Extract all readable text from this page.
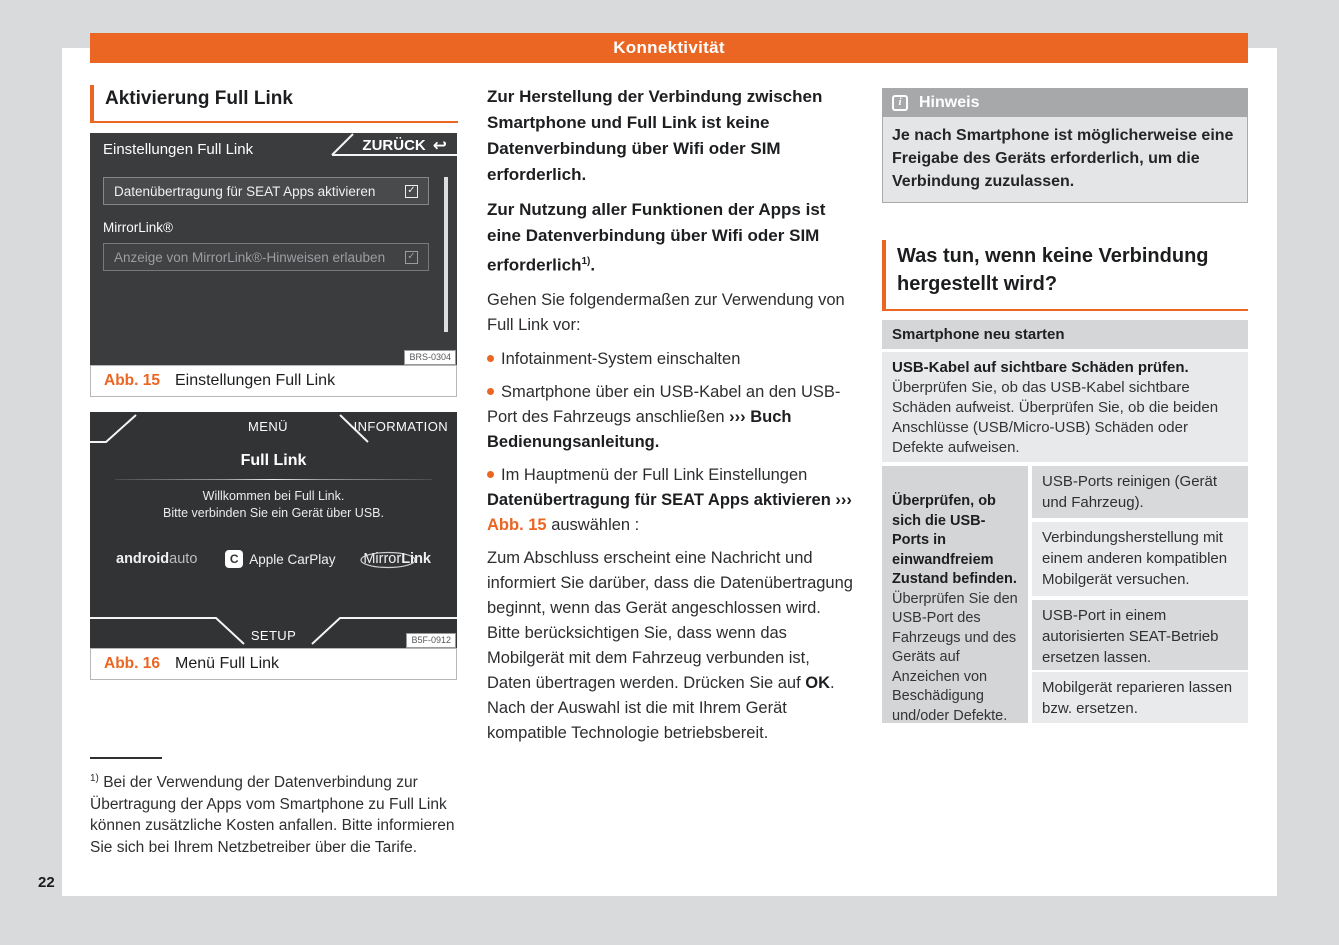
Konnektivität
Aktivierung Full Link
Einstellungen Full Link	ZURÜCK ↩
Datenübertragung für SEAT Apps aktivieren	✓
MirrorLink®
Anzeige von MirrorLink®-Hinweisen erlauben ✓
BRS-0304
Abb. 15 Einstellungen Full Link
MENÜ	INFORMATION
Full Link
Willkommen bei Full Link.
Bitte verbinden Sie ein Gerät über USB.
androidauto	C Apple CarPlay MirrorLink
SETUP	B5F-0912
Abb. 16 Menü Full Link
$^{1)}$ Bei der Verwendung der Datenverbindung zur Übertragung der Apps vom Smartphone zu Full Link können zusätzliche Kosten anfallen. Bitte informieren Sie sich bei Ihrem Netzbetreiber über die Tarife.

Zur Herstellung der Verbindung zwischen Smartphone und Full Link ist keine Datenverbindung über Wifi oder SIM erforderlich.

Zur Nutzung aller Funktionen der Apps ist eine Datenverbindung über Wifi oder SIM erforderlich$^{1)}$.

Gehen Sie folgendermaßen zur Verwendung von Full Link vor:

Infotainment-System einschalten
Smartphone über ein USB-Kabel an den USB-Port des Fahrzeugs anschließen ››› Buch Bedienungsanleitung.
Im Hauptmenü der Full Link Einstellungen Datenübertragung für SEAT Apps aktivieren ››› Abb. 15 auswählen :

Zum Abschluss erscheint eine Nachricht und informiert Sie darüber, dass die Datenübertragung beginnt, wenn das Gerät angeschlossen wird. Bitte berücksichtigen Sie, dass wenn das Mobilgerät mit dem Fahrzeug verbunden ist, Daten übertragen werden. Drücken Sie auf OK. Nach der Auswahl ist die mit Ihrem Gerät kompatible Technologie betriebsbereit.

i	Hinweis
Je nach Smartphone ist möglicherweise eine Freigabe des Geräts erforderlich, um die Verbindung zuzulassen.
Was tun, wenn keine Verbindung hergestellt wird?
Smartphone neu starten
USB-Kabel auf sichtbare Schäden prüfen.
Überprüfen Sie, ob das USB-Kabel sichtbare Schäden aufweist. Überprüfen Sie, ob die beiden Anschlüsse (USB/Micro-USB) Schäden oder Defekte aufweisen.
Überprüfen, ob sich die USB-Ports in einwandfreiem Zustand befinden. Überprüfen Sie den USB-Port des Fahrzeugs und des Geräts auf Anzeichen von Beschädigung und/oder Defekte.
USB-Ports reinigen (Gerät und Fahrzeug).
Verbindungsherstellung mit einem anderen kompatiblen Mobilgerät versuchen.
USB-Port in einem autorisierten SEAT-Betrieb ersetzen lassen.
Mobilgerät reparieren lassen bzw. ersetzen.
22
